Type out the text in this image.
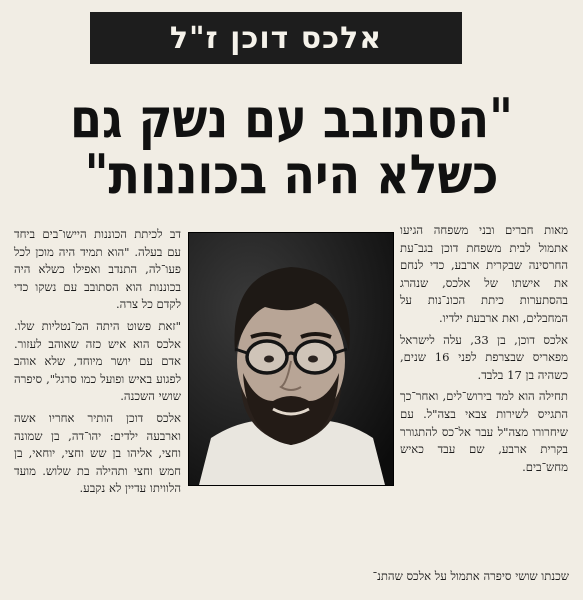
אלכס דוכן ז"ל
"הסתובב עם נשק גם
כשלא היה בכוננות"

מאות חברים ובני משפחה הגיעו אתמול לבית משפחת דוכן בגב־עת החרסינה שבקרית ארבע, כדי לנחם את אישתו של אלכס, שנהרג בהסתערות כיתת הכונ־נות על המחבלים, ואת ארבעת ילדיו.

אלכס דוכן, בן 33, עלה לישראל מפאריס שבצרפת לפני 16 שנים, כשהיה בן 17 בלבד.

תחילה הוא למד בירוש־לים, ואחר־כך התגייס לשירות צבאי בצה"ל. עם שיחרורו מצה"ל עבר אל־כס להתגורר בקרית ארבע, שם עבד כאיש מחש־בים.

דב לכיתת הכוננות היישו־בים ביחד עם בעלה. "הוא תמיד היה מוכן לכל פעו־לה, התנדב ואפילו כשלא היה בכוננות הוא הסתובב עם נשקו כדי לקדם כל צרה.

"זאת פשוט היתה המ־נטליות שלו. אלכס הוא איש כזה שאוהב לעזור. אדם עם יושר מיוחד, שלא אוהב לפגוע באיש ופועל כמו סרגל", סיפרה שושי השכנה.

אלכס דוכן הותיר אחריו אשה וארבעה ילדים: יהו־דה, בן שמונה וחצי, אליהו בן שש וחצי, יוחאי, בן חמש וחצי ותהילה בת שלוש. מועד הלוויתו עדיין לא נקבע.

שכנתו שושי סיפרה אתמול על אלכס שהתנ־
